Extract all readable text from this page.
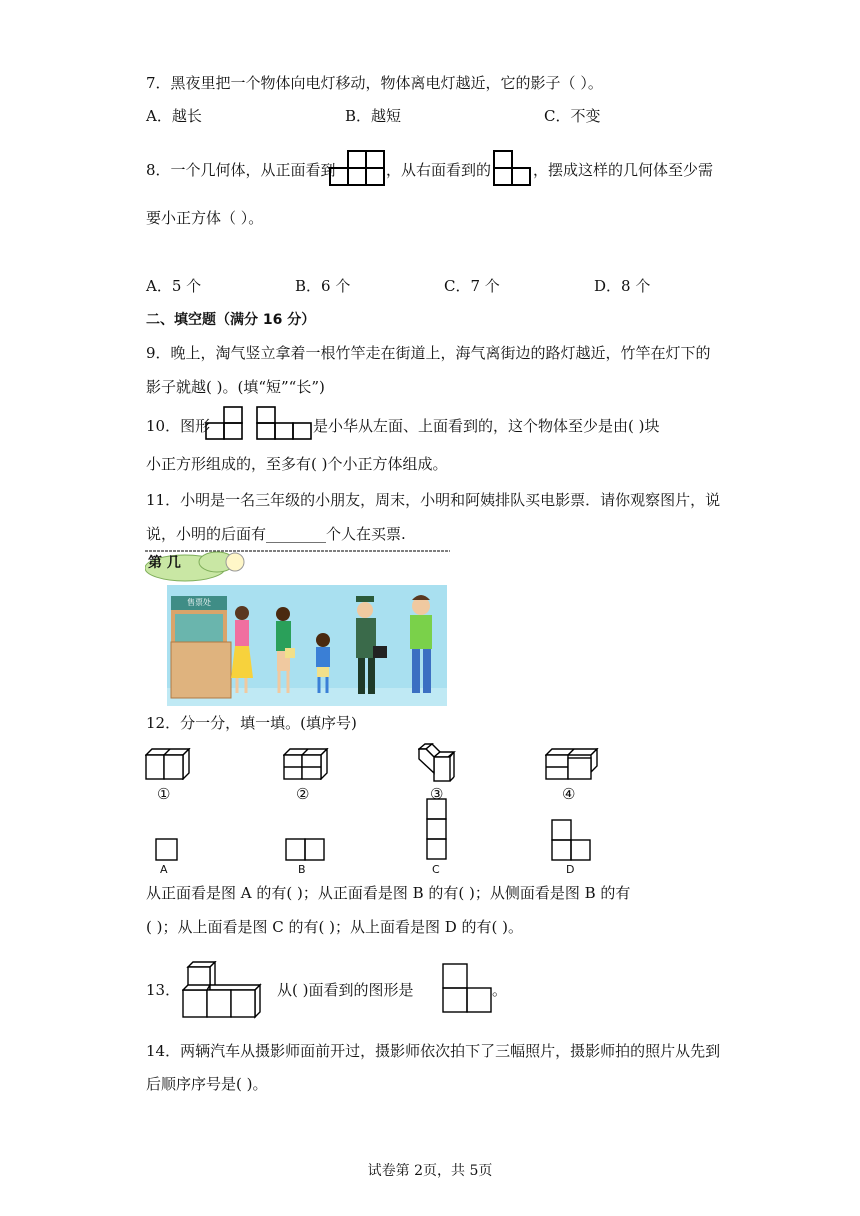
7．黑夜里把一个物体向电灯移动，物体离电灯越近，它的影子（ ）。
A．越长	B．越短	C．不变
8．一个几何体，从正面看到	，从右面看到的	，摆成这样的几何体至少需
要小正方体（ ）。
A．5 个	B．6 个	C．7 个	D．8 个
二、填空题（满分 16 分）
9．晚上，淘气竖立拿着一根竹竿走在街道上，海气离街边的路灯越近，竹竿在灯下的
影子就越( )。(填“短”“长”)
10．图形	是小华从左面、上面看到的，这个物体至少是由( )块
小正方形组成的，至多有( )个小正方体组成。
11．小明是一名三年级的小朋友，周末，小明和阿姨排队买电影票．请你观察图片，说
说，小明的后面有________个人在买票.
第 几
售票处
12．分一分，填一填。(填序号)
①	②	③	④
A	B	C	D
从正面看是图 A 的有( )；从正面看是图 B 的有( )；从侧面看是图 B 的有
( )；从上面看是图 C 的有( )；从上面看是图 D 的有( )。
13．	从( )面看到的图形是	。
14．两辆汽车从摄影师面前开过，摄影师依次拍下了三幅照片，摄影师拍的照片从先到
后顺序序号是( )。
试卷第 2页，共 5页
